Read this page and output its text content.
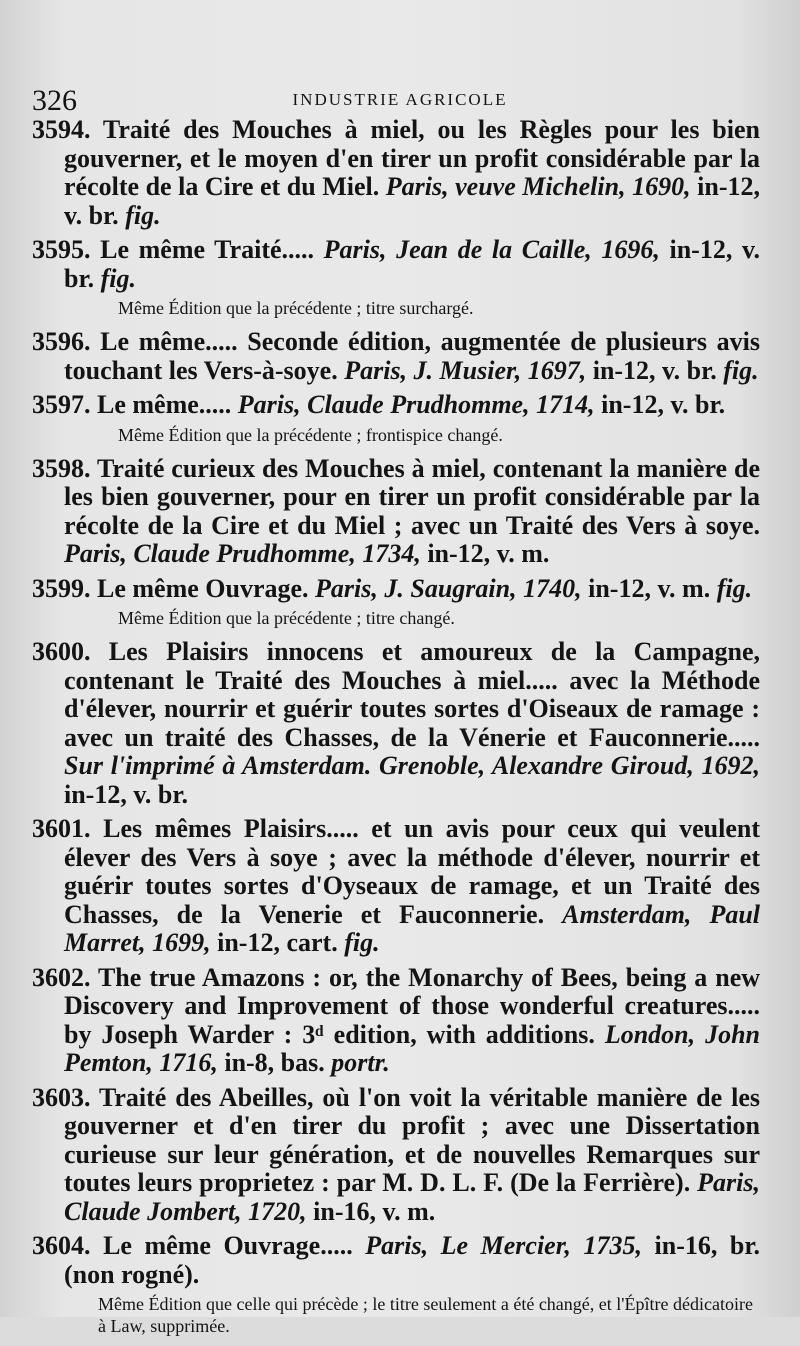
326	INDUSTRIE AGRICOLE
3594. Traité des Mouches à miel, ou les Règles pour les bien gouverner, et le moyen d'en tirer un profit considérable par la récolte de la Cire et du Miel. Paris, veuve Michelin, 1690, in-12, v. br. fig.
3595. Le même Traité..... Paris, Jean de la Caille, 1696, in-12, v. br. fig.
Même Édition que la précédente ; titre surchargé.
3596. Le même..... Seconde édition, augmentée de plusieurs avis touchant les Vers-à-soye. Paris, J. Musier, 1697, in-12, v. br. fig.
3597. Le même..... Paris, Claude Prudhomme, 1714, in-12, v. br.
Même Édition que la précédente ; frontispice changé.
3598. Traité curieux des Mouches à miel, contenant la manière de les bien gouverner, pour en tirer un profit considérable par la récolte de la Cire et du Miel ; avec un Traité des Vers à soye. Paris, Claude Prudhomme, 1734, in-12, v. m.
3599. Le même Ouvrage. Paris, J. Saugrain, 1740, in-12, v. m. fig.
Même Édition que la précédente ; titre changé.
3600. Les Plaisirs innocens et amoureux de la Campagne, contenant le Traité des Mouches à miel..... avec la Méthode d'élever, nourrir et guérir toutes sortes d'Oiseaux de ramage : avec un traité des Chasses, de la Vénerie et Fauconnerie..... Sur l'imprimé à Amsterdam. Grenoble, Alexandre Giroud, 1692, in-12, v. br.
3601. Les mêmes Plaisirs..... et un avis pour ceux qui veulent élever des Vers à soye ; avec la méthode d'élever, nourrir et guérir toutes sortes d'Oyseaux de ramage, et un Traité des Chasses, de la Venerie et Fauconnerie. Amsterdam, Paul Marret, 1699, in-12, cart. fig.
3602. The true Amazons : or, the Monarchy of Bees, being a new Discovery and Improvement of those wonderful creatures..... by Joseph Warder : 3ᵈ edition, with additions. London, John Pemton, 1716, in-8, bas. portr.
3603. Traité des Abeilles, où l'on voit la véritable manière de les gouverner et d'en tirer du profit ; avec une Dissertation curieuse sur leur génération, et de nouvelles Remarques sur toutes leurs proprietez : par M. D. L. F. (De la Ferrière). Paris, Claude Jombert, 1720, in-16, v. m.
3604. Le même Ouvrage..... Paris, Le Mercier, 1735, in-16, br. (non rogné).
Même Édition que celle qui précède ; le titre seulement a été changé, et l'Épître dédicatoire à Law, supprimée.
